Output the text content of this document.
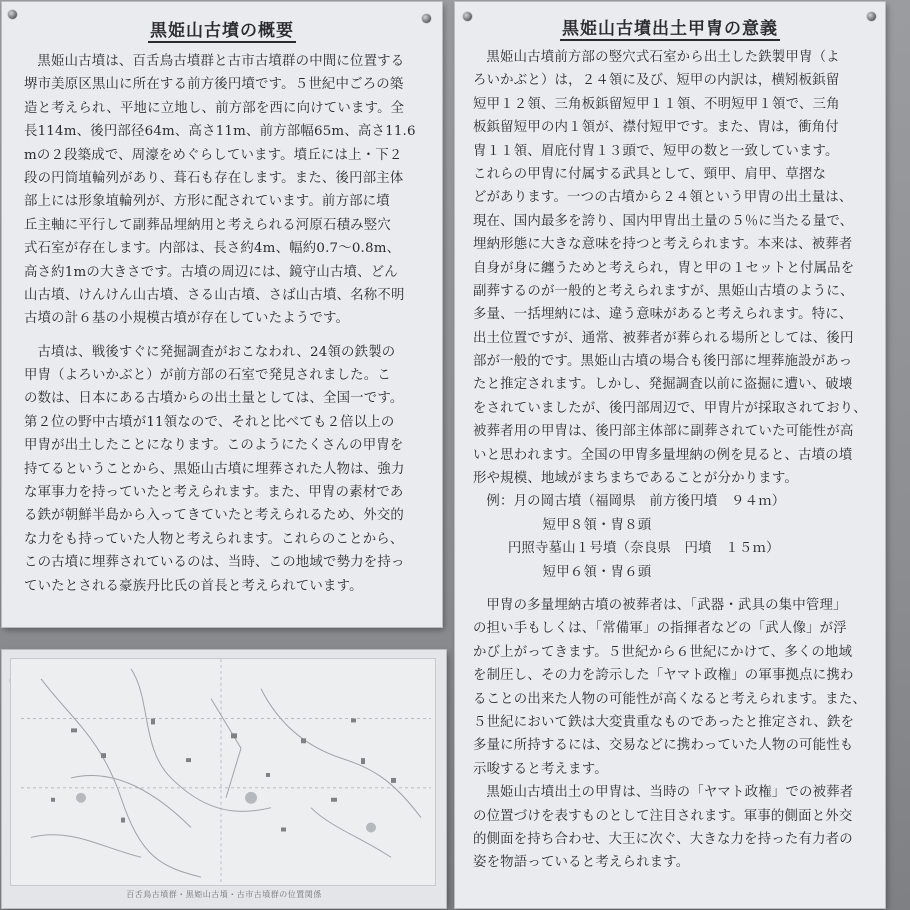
黒姫山古墳の概要
黒姫山古墳は、百舌鳥古墳群と古市古墳群の中間に位置する
堺市美原区黒山に所在する前方後円墳です。５世紀中ごろの築
造と考えられ、平地に立地し、前方部を西に向けています。全
長114m、後円部径64m、高さ11m、前方部幅65m、高さ11.6
mの２段築成で、周濠をめぐらしています。墳丘には上・下２
段の円筒埴輪列があり、葺石も存在します。また、後円部主体
部上には形象埴輪列が、方形に配されています。前方部に墳
丘主軸に平行して副葬品埋納用と考えられる河原石積み竪穴
式石室が存在します。内部は、長さ約4m、幅約0.7～0.8m、
高さ約1mの大きさです。古墳の周辺には、鏡守山古墳、どん
山古墳、けんけん山古墳、さる山古墳、さば山古墳、名称不明
古墳の計６基の小規模古墳が存在していたようです。
古墳は、戦後すぐに発掘調査がおこなわれ、24領の鉄製の
甲冑（よろいかぶと）が前方部の石室で発見されました。こ
の数は、日本にある古墳からの出土量としては、全国一です。
第２位の野中古墳が11領なので、それと比べても２倍以上の
甲冑が出土したことになります。このようにたくさんの甲冑を
持てるということから、黒姫山古墳に埋葬された人物は、強力
な軍事力を持っていたと考えられます。また、甲冑の素材であ
る鉄が朝鮮半島から入ってきていたと考えられるため、外交的
な力をも持っていた人物と考えられます。これらのことから、
この古墳に埋葬されているのは、当時、この地域で勢力を持っ
ていたとされる豪族丹比氏の首長と考えられています。
百舌鳥古墳群・黒姫山古墳・古市古墳群の位置関係
黒姫山古墳出土甲冑の意義
黒姫山古墳前方部の竪穴式石室から出土した鉄製甲冑（よ
ろいかぶと）は，２４領に及び、短甲の内訳は，横矧板鋲留
短甲１２領、三角板鋲留短甲１１領、不明短甲１領で、三角
板鋲留短甲の内１領が、襟付短甲です。また、冑は，衝角付
冑１１領、眉庇付冑１３頭で、短甲の数と一致しています。
これらの甲冑に付属する武具として、頸甲、肩甲、草摺な
どがあります。一つの古墳から２４領という甲冑の出土量は、
現在、国内最多を誇り、国内甲冑出土量の５％に当たる量で、
埋納形態に大きな意味を持つと考えられます。本来は、被葬者
自身が身に纏うためと考えられ，冑と甲の１セットと付属品を
副葬するのが一般的と考えられますが、黒姫山古墳のように、
多量、一括埋納には、違う意味があると考えられます。特に、
出土位置ですが、通常、被葬者が葬られる場所としては、後円
部が一般的です。黒姫山古墳の場合も後円部に埋葬施設があっ
たと推定されます。しかし、発掘調査以前に盗掘に遭い、破壊
をされていましたが、後円部周辺で、甲冑片が採取されており、
被葬者用の甲冑は、後円部主体部に副葬されていた可能性が高
いと思われます。全国の甲冑多量埋納の例を見ると、古墳の墳
形や規模、地域がまちまちであることが分かります。
例：月の岡古墳（福岡県　前方後円墳　９４ｍ）
短甲８領・冑８頭
円照寺墓山１号墳（奈良県　円墳　１５ｍ）
短甲６領・冑６頭
甲冑の多量埋納古墳の被葬者は、「武器・武具の集中管理」
の担い手もしくは、「常備軍」の指揮者などの「武人像」が浮
かび上がってきます。５世紀から６世紀にかけて、多くの地域
を制圧し、その力を誇示した「ヤマト政権」の軍事拠点に携わ
ることの出来た人物の可能性が高くなると考えられます。また、
５世紀において鉄は大変貴重なものであったと推定され、鉄を
多量に所持するには、交易などに携わっていた人物の可能性も
示唆すると考えます。
黒姫山古墳出土の甲冑は、当時の「ヤマト政権」での被葬者
の位置づけを表すものとして注目されます。軍事的側面と外交
的側面を持ち合わせ、大王に次ぐ、大きな力を持った有力者の
姿を物語っていると考えられます。
